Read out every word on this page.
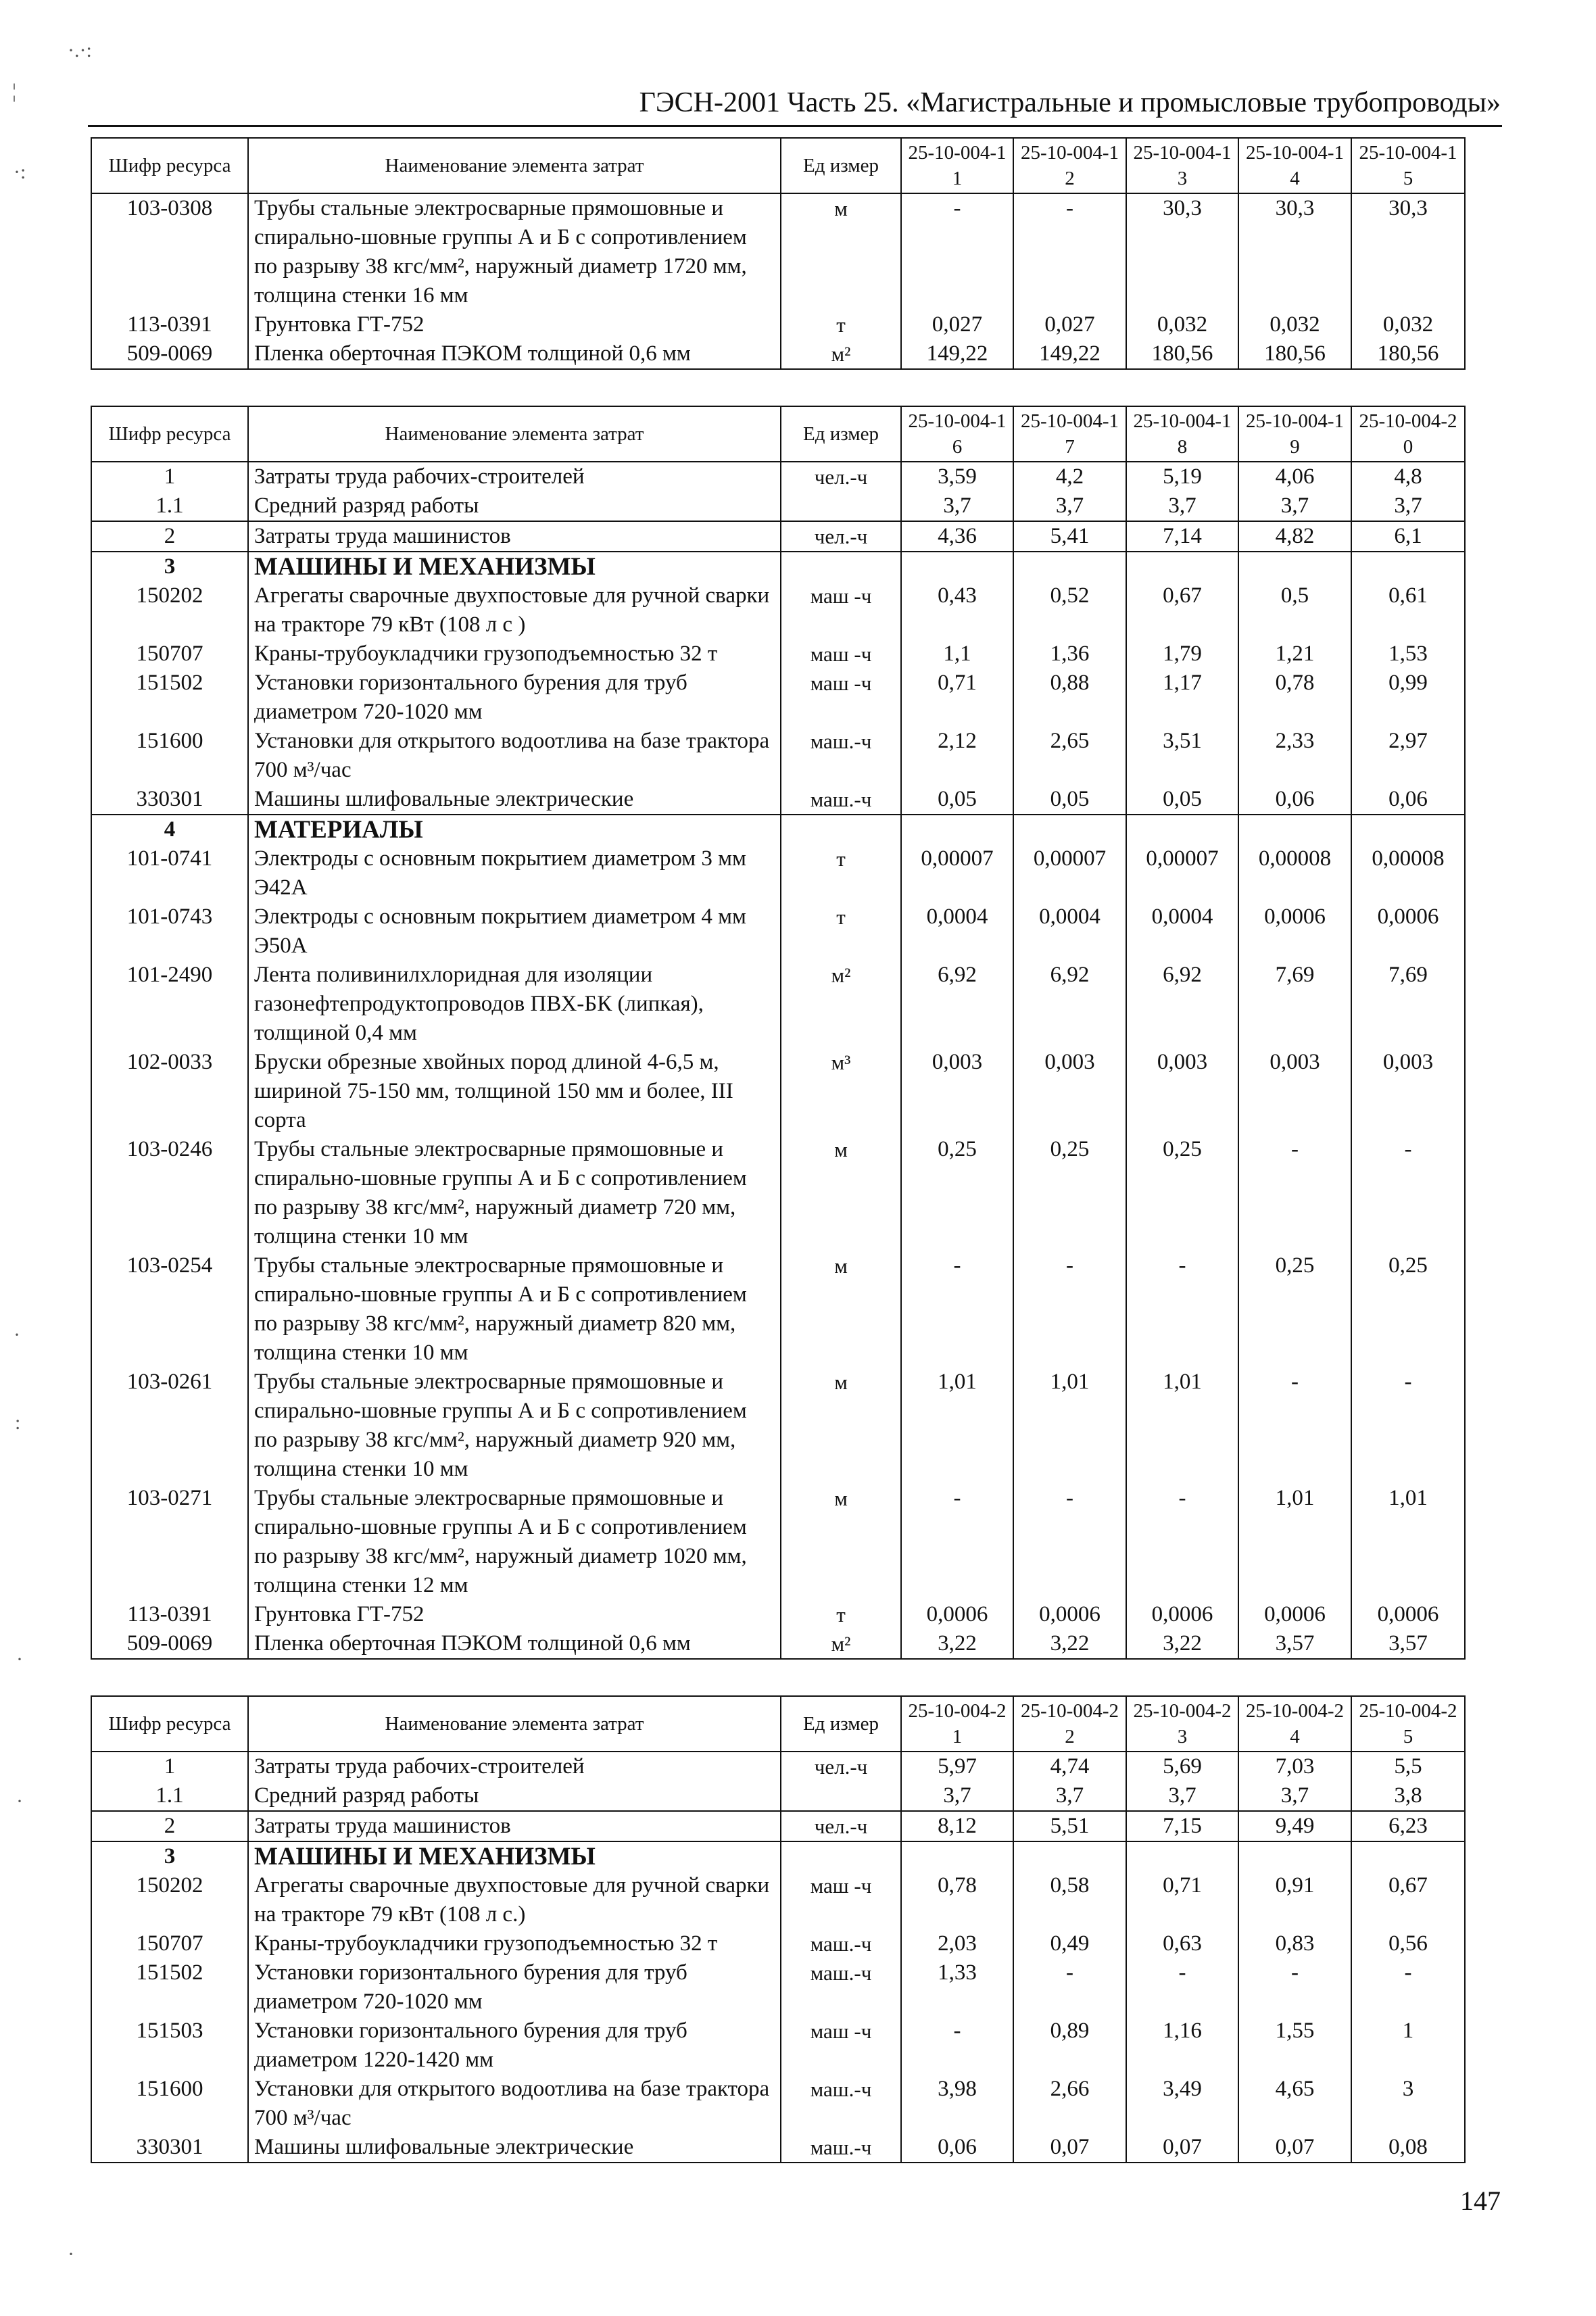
ГЭСН-2001 Часть 25. «Магистральные и промысловые трубопроводы»
·.·:
¦
·:
·
:
·
·
·
Шифр ресурса	Наименование элемента затрат	Ед измер	25-10-004-11	25-10-004-12	25-10-004-13	25-10-004-14	25-10-004-15
103-0308	Трубы стальные электросварные прямошовные и спирально-шовные группы А и Б с сопротивлением по разрыву 38 кгс/мм², наружный диаметр 1720 мм, толщина стенки 16 мм	м	-	-	30,3	30,3	30,3
113-0391	Грунтовка ГТ-752	т	0,027	0,027	0,032	0,032	0,032
509-0069	Пленка оберточная ПЭКОМ толщиной 0,6 мм	м²	149,22	149,22	180,56	180,56	180,56
Шифр ресурса	Наименование элемента затрат	Ед измер	25-10-004-16	25-10-004-17	25-10-004-18	25-10-004-19	25-10-004-20
1	Затраты труда рабочих-строителей	чел.-ч	3,59	4,2	5,19	4,06	4,8
1.1	Средний разряд работы		3,7	3,7	3,7	3,7	3,7
2	Затраты труда машинистов	чел.-ч	4,36	5,41	7,14	4,82	6,1
3	МАШИНЫ И МЕХАНИЗМЫ						
150202	Агрегаты сварочные двухпостовые для ручной сварки на тракторе 79 кВт (108 л с )	маш -ч	0,43	0,52	0,67	0,5	0,61
150707	Краны-трубоукладчики грузоподъемностью 32 т	маш -ч	1,1	1,36	1,79	1,21	1,53
151502	Установки горизонтального бурения для труб диаметром 720-1020 мм	маш -ч	0,71	0,88	1,17	0,78	0,99
151600	Установки для открытого водоотлива на базе трактора 700 м³/час	маш.-ч	2,12	2,65	3,51	2,33	2,97
330301	Машины шлифовальные электрические	маш.-ч	0,05	0,05	0,05	0,06	0,06
4	МАТЕРИАЛЫ						
101-0741	Электроды с основным покрытием диаметром 3 мм Э42А	т	0,00007	0,00007	0,00007	0,00008	0,00008
101-0743	Электроды с основным покрытием диаметром 4 мм Э50А	т	0,0004	0,0004	0,0004	0,0006	0,0006
101-2490	Лента поливинилхлоридная для изоляции газонефтепродуктопроводов ПВХ-БК (липкая), толщиной 0,4 мм	м²	6,92	6,92	6,92	7,69	7,69
102-0033	Бруски обрезные хвойных пород длиной 4-6,5 м, шириной 75-150 мм, толщиной 150 мм и более, III сорта	м³	0,003	0,003	0,003	0,003	0,003
103-0246	Трубы стальные электросварные прямошовные и спирально-шовные группы А и Б с сопротивлением по разрыву 38 кгс/мм², наружный диаметр 720 мм, толщина стенки 10 мм	м	0,25	0,25	0,25	-	-
103-0254	Трубы стальные электросварные прямошовные и спирально-шовные группы А и Б с сопротивлением по разрыву 38 кгс/мм², наружный диаметр 820 мм, толщина стенки 10 мм	м	-	-	-	0,25	0,25
103-0261	Трубы стальные электросварные прямошовные и спирально-шовные группы А и Б с сопротивлением по разрыву 38 кгс/мм², наружный диаметр 920 мм, толщина стенки 10 мм	м	1,01	1,01	1,01	-	-
103-0271	Трубы стальные электросварные прямошовные и спирально-шовные группы А и Б с сопротивлением по разрыву 38 кгс/мм², наружный диаметр 1020 мм, толщина стенки 12 мм	м	-	-	-	1,01	1,01
113-0391	Грунтовка ГТ-752	т	0,0006	0,0006	0,0006	0,0006	0,0006
509-0069	Пленка оберточная ПЭКОМ толщиной 0,6 мм	м²	3,22	3,22	3,22	3,57	3,57
Шифр ресурса	Наименование элемента затрат	Ед измер	25-10-004-21	25-10-004-22	25-10-004-23	25-10-004-24	25-10-004-25
1	Затраты труда рабочих-строителей	чел.-ч	5,97	4,74	5,69	7,03	5,5
1.1	Средний разряд работы		3,7	3,7	3,7	3,7	3,8
2	Затраты труда машинистов	чел.-ч	8,12	5,51	7,15	9,49	6,23
3	МАШИНЫ И МЕХАНИЗМЫ						
150202	Агрегаты сварочные двухпостовые для ручной сварки на тракторе 79 кВт (108 л с.)	маш -ч	0,78	0,58	0,71	0,91	0,67
150707	Краны-трубоукладчики грузоподъемностью 32 т	маш.-ч	2,03	0,49	0,63	0,83	0,56
151502	Установки горизонтального бурения для труб диаметром 720-1020 мм	маш.-ч	1,33	-	-	-	-
151503	Установки горизонтального бурения для труб диаметром 1220-1420 мм	маш -ч	-	0,89	1,16	1,55	1
151600	Установки для открытого водоотлива на базе трактора 700 м³/час	маш.-ч	3,98	2,66	3,49	4,65	3
330301	Машины шлифовальные электрические	маш.-ч	0,06	0,07	0,07	0,07	0,08
147
